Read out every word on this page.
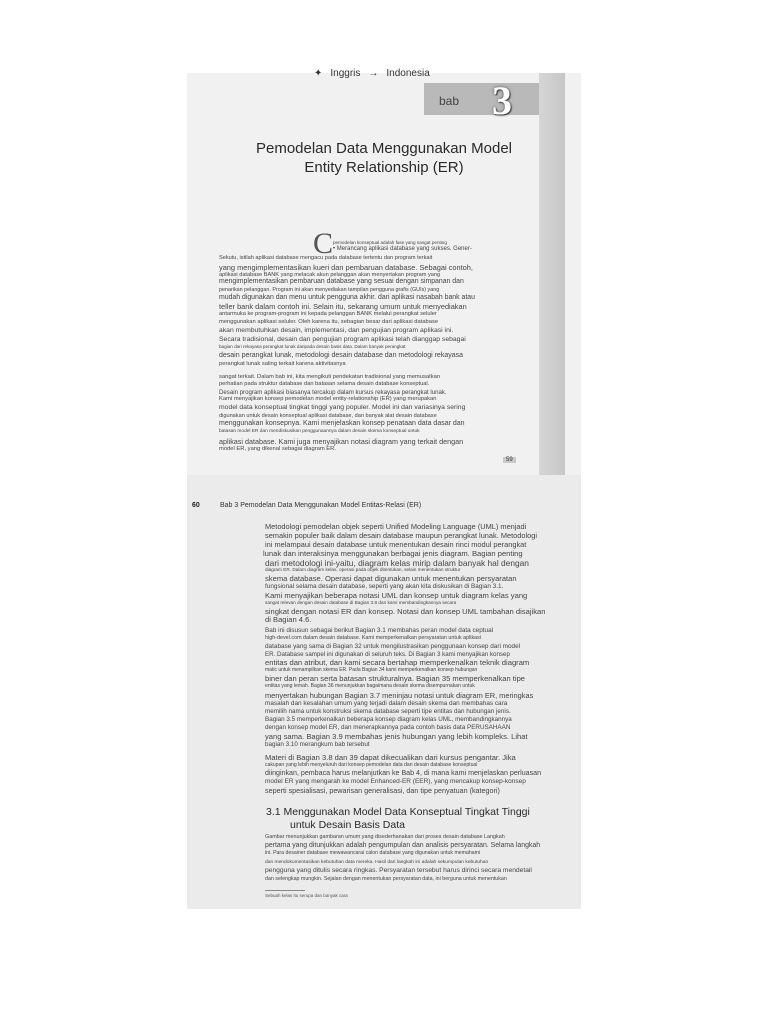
bab 3
✦ Inggris → Indonesia
Pemodelan Data Menggunakan Model
Entity Relationship (ER)
C pemodelan konseptual adalah fase yang sangat penting

• Merancang aplikasi database yang sukses. Gener-

Sekutu, istilah aplikasi database mengacu pada database tertentu dan program terkait

yang mengimplementasikan kueri dan pembaruan database. Sebagai contoh,

aplikasi database BANK yang melacak akun pelanggan akan menyertakan program yang

mengimplementasikan pembaruan database yang sesuai dengan simpanan dan

penarikan pelanggan. Program ini akan menyediakan tampilan pengguna grafis (GUIs) yang

mudah digunakan dan menu untuk pengguna akhir. dari aplikasi nasabah bank atau

teller bank dalam contoh ini. Selain itu, sekarang umum untuk menyediakan

antarmuka ke program-program ini kepada pelanggan BANK melalui perangkat seluler

menggunakan aplikasi seluler. Oleh karena itu, sebagian besar dari aplikasi database

akan membutuhkan desain, implementasi, dan pengujian program aplikasi ini.

Secara tradisional, desain dan pengujian program aplikasi telah dianggap sebagai

bagian dari rekayasa perangkat lunak daripada desain basis data. Dalam banyak perangkat

desain perangkat lunak, metodologi desain database dan metodologi rekayasa

perangkat lunak saling terkait karena aktivitasnya

sangat terkait. Dalam bab ini, kita mengikuti pendekatan tradisional yang memusatkan

perhatian pada struktur database dan batasan selama desain database konseptual.

Desain program aplikasi biasanya tercakup dalam kursus rekayasa perangkat lunak.

Kami menyajikan konsep pemodelan model entity-relationship (ER) yang merupakan

model data konseptual tingkat tinggi yang populer. Model ini dan variasinya sering

digunakan untuk desain konseptual aplikasi database, dan banyak alat desain database

menggunakan konsepnya. Kami menjelaskan konsep penataan data dasar dan

batasan model ER dan mendiskusikan penggunaannya dalam desain skema konseptual untuk

aplikasi database. Kami juga menyajikan notasi diagram yang terkait dengan

model ER, yang dikenal sebagai diagram ER.

59
60	Bab 3 Pemodelan Data Menggunakan Model Entitas-Relasi (ER)

Metodologi pemodelan objek seperti Unified Modeling Language (UML) menjadi

semakin populer baik dalam desain database maupun perangkat lunak. Metodologi

ini melampaui desain database untuk menentukan desain rinci modul perangkat

lunak dan interaksinya menggunakan berbagai jenis diagram. Bagian penting

dari metodologi ini-yaitu, diagram kelas mirip dalam banyak hal dengan

diagram ER. Dalam diagram kelas, operasi pada objek ditentukan, selain menentukan struktur

skema database. Operasi dapat digunakan untuk menentukan persyaratan

fungsional selama desain database, seperti yang akan kita diskusikan di Bagian 3.1.

Kami menyajikan beberapa notasi UML dan konsep untuk diagram kelas yang

sangat relevan dengan desain database di Bagian 3.8 dan kami membandingkannya secara

singkat dengan notasi ER dan konsep. Notasi dan konsep UML tambahan disajikan

di Bagian 4.6.

Bab ini disusun sebagai berikut Bagian 3.1 membahas peran model data ceptual

high-devel.com dalam desain database. Kami memperkenalkan persyaratan untuk aplikasi

database yang sama di Bagian 32 untuk mengilustrasikan penggunaan konsep dari model

ER. Database sampel ini digunakan di seluruh teks. Di Bagian 3 kami menyajikan konsep

entitas dan atribut, dan kami secara bertahap memperkenalkan teknik diagram

matic untuk menampilkan skema ER. Pada Bagian 34 kami memperkenalkan konsep hubungan

biner dan peran serta batasan strukturalnya. Bagian 35 memperkenalkan tipe

entitas yang lemah. Bagian 36 menunjukkan bagaimana desain skema disempurnakan untuk

menyertakan hubungan Bagian 3.7 meninjau notasi untuk diagram ER, meringkas

masalah dan kesalahan umum yang terjadi dalam desain skema dan membahas cara

memilih nama untuk konstruksi skema database seperti tipe entitas dan hubungan jenis.

Bagian 3.5 memperkenalkan beberapa konsep diagram kelas UML, membandingkannya

dengan konsep model ER, dan menerapkannya pada contoh basis data PERUSAHAAN

yang sama. Bagian 3.9 membahas jenis hubungan yang lebih kompleks. Lihat

bagian 3.10 merangkum bab tersebut

Materi di Bagian 3.8 dan 39 dapat dikecualikan dari kursus pengantar. Jika

cakupan yang lebih menyeluruh dari konsep pemodelan data dan desain database konseptual

diinginkan, pembaca harus melanjutkan ke Bab 4, di mana kami menjelaskan perluasan

model ER yang mengarah ke model Enhanced-ER (EER), yang mencakup konsep-konsep

seperti spesialisasi, pewarisan generalisasi, dan tipe penyatuan (kategori)

3.1 Menggunakan Model Data Konseptual Tingkat Tinggi
untuk Desain Basis Data

Gambar menunjukkan gambaran umum yang disederhanakan dari proses desain database Langkah

pertama yang ditunjukkan adalah pengumpulan dan analisis persyaratan. Selama langkah

ini. Para desainer database mewawancarai calon database yang digunakan untuk memahami

dan mendokumentasikan kebutuhan data mereka. Hasil dari langkah ini adalah sekumpulan kebutuhan

pengguna yang ditulis secara ringkas. Persyaratan tersebut harus dirinci secara mendetail

dan selengkap mungkin. Sejalan dengan menentukan persyaratan data, ini berguna untuk menentukan

Sebuah kelas itu serupa dan banyak cara
